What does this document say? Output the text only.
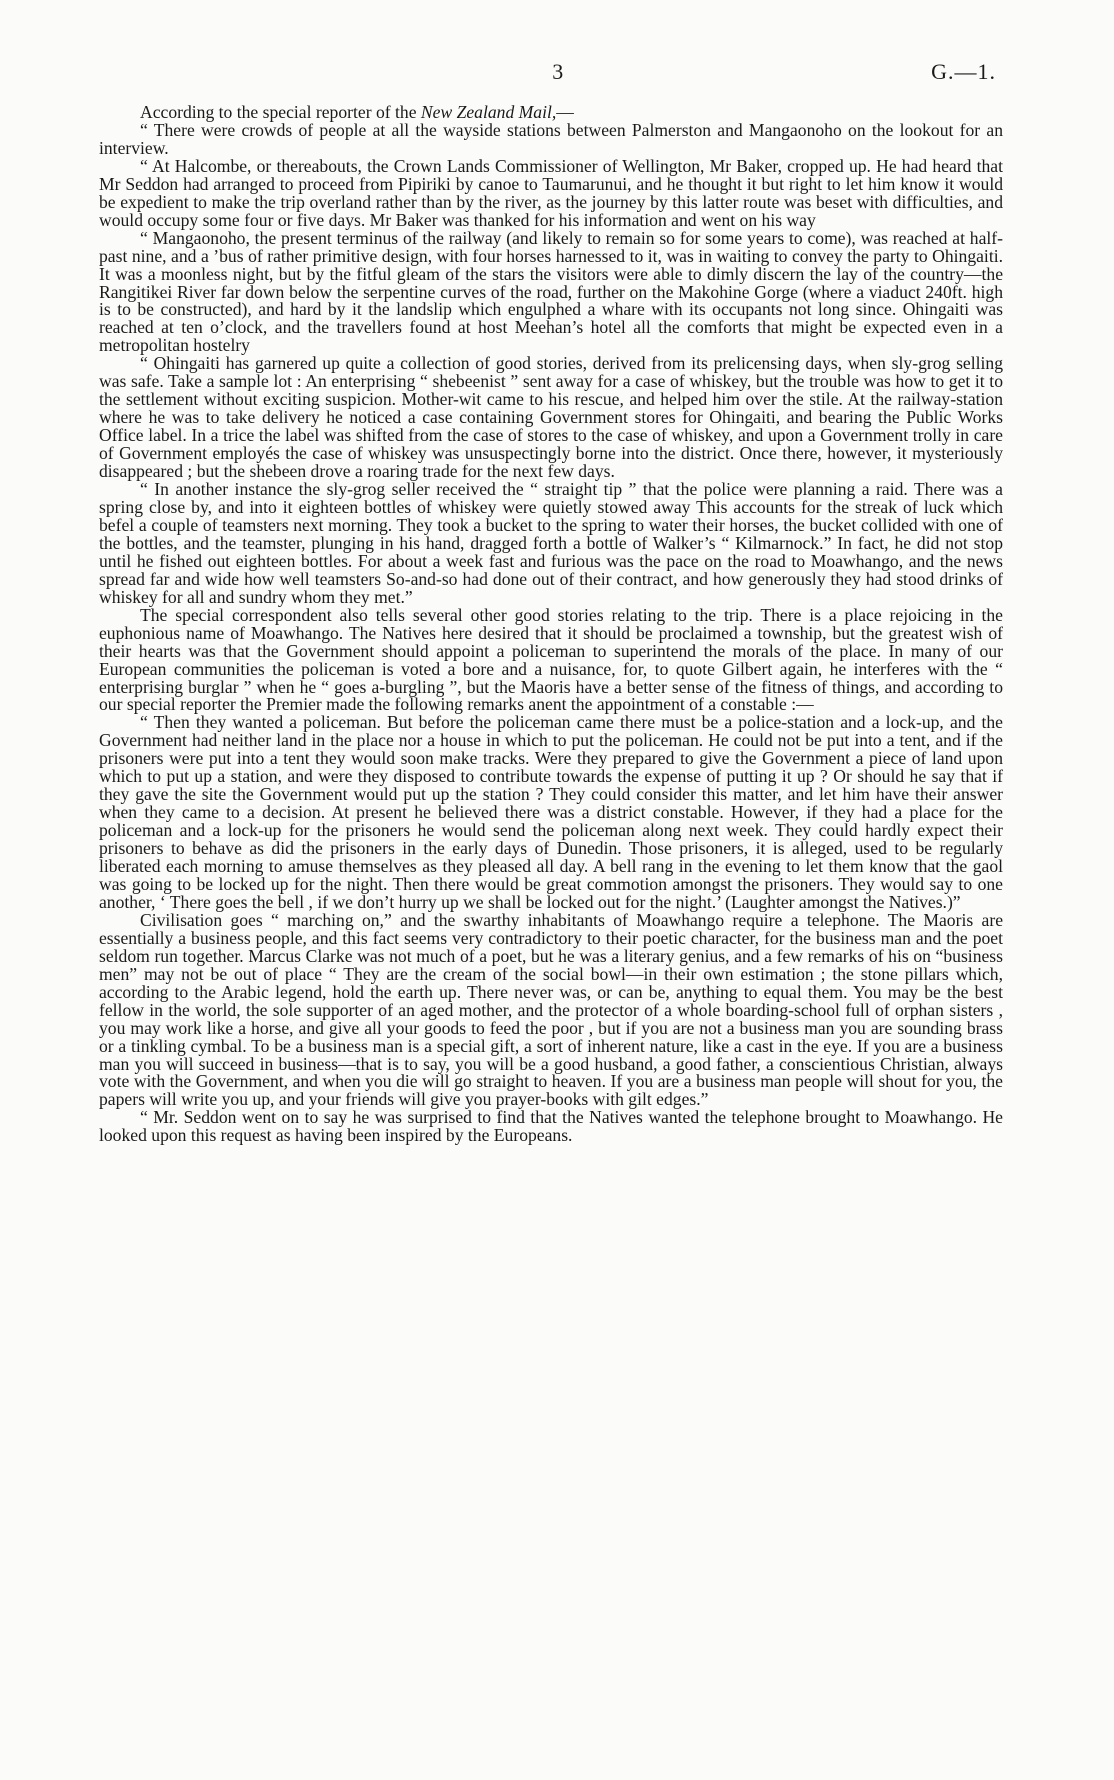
3	G.—1.

According to the special reporter of the New Zealand Mail,—

“ There were crowds of people at all the wayside stations between Palmerston and Mangaonoho on the lookout for an interview.

“ At Halcombe, or thereabouts, the Crown Lands Commissioner of Wellington, Mr Baker, cropped up. He had heard that Mr Seddon had arranged to proceed from Pipiriki by canoe to Taumarunui, and he thought it but right to let him know it would be expedient to make the trip overland rather than by the river, as the journey by this latter route was beset with difficulties, and would occupy some four or five days. Mr Baker was thanked for his information and went on his way

“ Mangaonoho, the present terminus of the railway (and likely to remain so for some years to come), was reached at half-past nine, and a ’bus of rather primitive design, with four horses harnessed to it, was in waiting to convey the party to Ohingaiti. It was a moonless night, but by the fitful gleam of the stars the visitors were able to dimly discern the lay of the country—the Rangitikei River far down below the serpentine curves of the road, further on the Makohine Gorge (where a viaduct 240ft. high is to be constructed), and hard by it the landslip which engulphed a whare with its occupants not long since. Ohingaiti was reached at ten o’clock, and the travellers found at host Meehan’s hotel all the comforts that might be expected even in a metropolitan hostelry

“ Ohingaiti has garnered up quite a collection of good stories, derived from its prelicensing days, when sly-grog selling was safe. Take a sample lot : An enterprising “ shebeenist ” sent away for a case of whiskey, but the trouble was how to get it to the settlement without exciting suspicion. Mother-wit came to his rescue, and helped him over the stile. At the railway-station where he was to take delivery he noticed a case containing Government stores for Ohingaiti, and bearing the Public Works Office label. In a trice the label was shifted from the case of stores to the case of whiskey, and upon a Government trolly in care of Government employés the case of whiskey was unsuspectingly borne into the district. Once there, however, it mysteriously disappeared ; but the shebeen drove a roaring trade for the next few days.

“ In another instance the sly-grog seller received the “ straight tip ” that the police were planning a raid. There was a spring close by, and into it eighteen bottles of whiskey were quietly stowed away This accounts for the streak of luck which befel a couple of teamsters next morning. They took a bucket to the spring to water their horses, the bucket collided with one of the bottles, and the teamster, plunging in his hand, dragged forth a bottle of Walker’s “ Kilmarnock.” In fact, he did not stop until he fished out eighteen bottles. For about a week fast and furious was the pace on the road to Moawhango, and the news spread far and wide how well teamsters So-and-so had done out of their contract, and how generously they had stood drinks of whiskey for all and sundry whom they met.”

The special correspondent also tells several other good stories relating to the trip. There is a place rejoicing in the euphonious name of Moawhango. The Natives here desired that it should be proclaimed a township, but the greatest wish of their hearts was that the Government should appoint a policeman to superintend the morals of the place. In many of our European communities the policeman is voted a bore and a nuisance, for, to quote Gilbert again, he interferes with the “ enterprising burglar ” when he “ goes a-burgling ”, but the Maoris have a better sense of the fitness of things, and according to our special reporter the Premier made the following remarks anent the appointment of a constable :—

“ Then they wanted a policeman. But before the policeman came there must be a police-station and a lock-up, and the Government had neither land in the place nor a house in which to put the policeman. He could not be put into a tent, and if the prisoners were put into a tent they would soon make tracks. Were they prepared to give the Government a piece of land upon which to put up a station, and were they disposed to contribute towards the expense of putting it up ? Or should he say that if they gave the site the Government would put up the station ? They could consider this matter, and let him have their answer when they came to a decision. At present he believed there was a district constable. However, if they had a place for the policeman and a lock-up for the prisoners he would send the policeman along next week. They could hardly expect their prisoners to behave as did the prisoners in the early days of Dunedin. Those prisoners, it is alleged, used to be regularly liberated each morning to amuse themselves as they pleased all day. A bell rang in the evening to let them know that the gaol was going to be locked up for the night. Then there would be great commotion amongst the prisoners. They would say to one another, ‘ There goes the bell , if we don’t hurry up we shall be locked out for the night.’ (Laughter amongst the Natives.)”

Civilisation goes “ marching on,” and the swarthy inhabitants of Moawhango require a telephone. The Maoris are essentially a business people, and this fact seems very contradictory to their poetic character, for the business man and the poet seldom run together. Marcus Clarke was not much of a poet, but he was a literary genius, and a few remarks of his on “business men” may not be out of place “ They are the cream of the social bowl—in their own estimation ; the stone pillars which, according to the Arabic legend, hold the earth up. There never was, or can be, anything to equal them. You may be the best fellow in the world, the sole supporter of an aged mother, and the protector of a whole boarding-school full of orphan sisters , you may work like a horse, and give all your goods to feed the poor , but if you are not a business man you are sounding brass or a tinkling cymbal. To be a business man is a special gift, a sort of inherent nature, like a cast in the eye. If you are a business man you will succeed in business—that is to say, you will be a good husband, a good father, a conscientious Christian, always vote with the Government, and when you die will go straight to heaven. If you are a business man people will shout for you, the papers will write you up, and your friends will give you prayer-books with gilt edges.”

“ Mr. Seddon went on to say he was surprised to find that the Natives wanted the telephone brought to Moawhango. He looked upon this request as having been inspired by the Europeans.
